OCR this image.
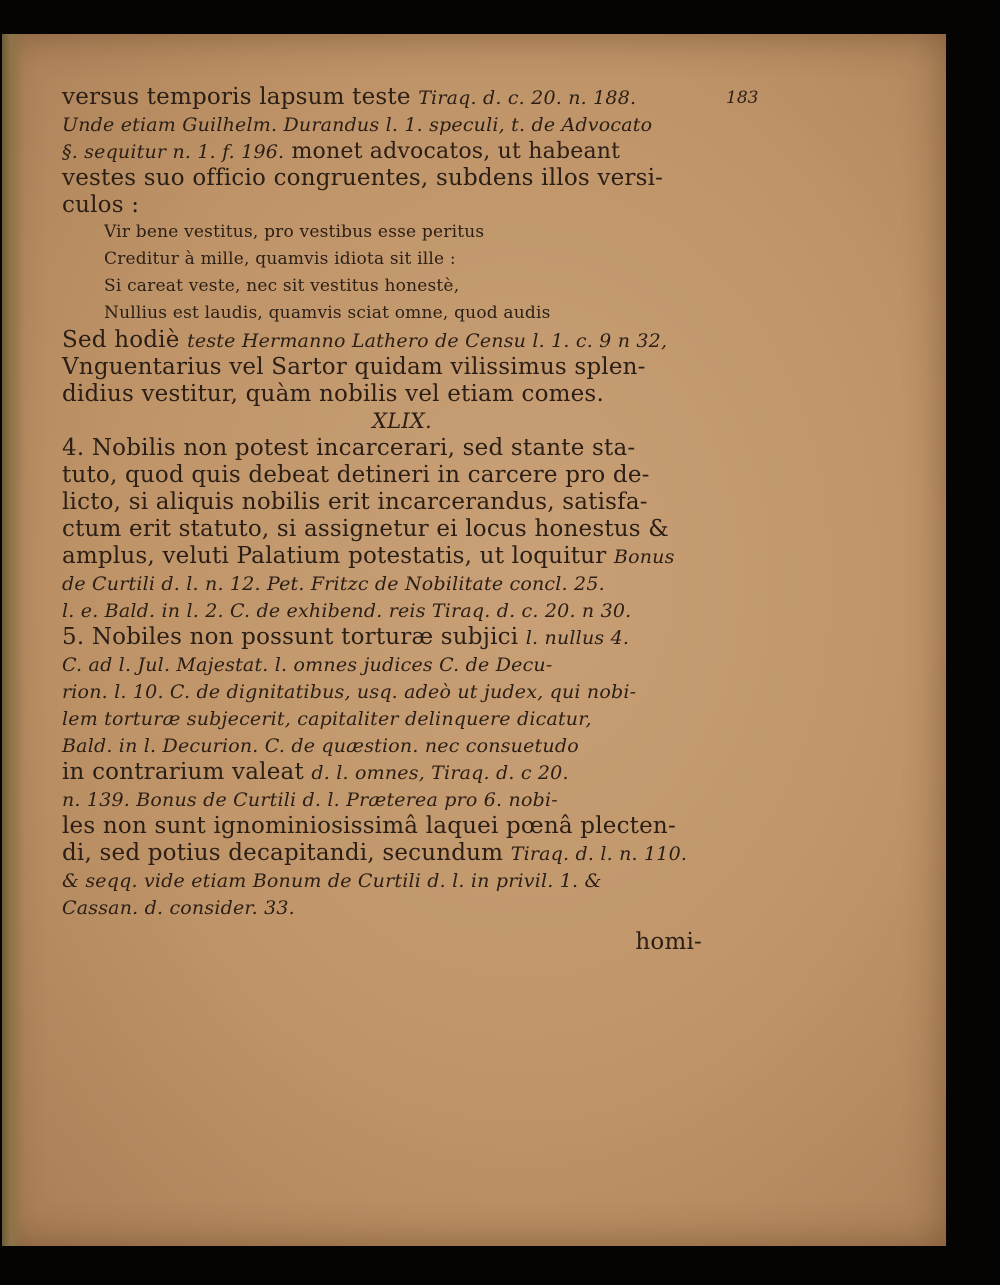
183
versus temporis lapsum teste Tiraq. d. c. 20. n. 188.
Unde etiam Guilhelm. Durandus l. 1. speculi, t. de Advocato
§. sequitur n. 1. f. 196. monet advocatos, ut habeant
vestes suo officio congruentes, subdens illos versi-
culos :
Vir bene vestitus, pro vestibus esse peritus
Creditur à mille, quamvis idiota sit ille :
Si careat veste, nec sit vestitus honestè,
Nullius est laudis, quamvis sciat omne, quod audis
Sed hodiè teste Hermanno Lathero de Censu l. 1. c. 9 n 32,
Vnguentarius vel Sartor quidam vilissimus splen-
didius vestitur, quàm nobilis vel etiam comes.
XLIX.
4. Nobilis non potest incarcerari, sed stante sta-
tuto, quod quis debeat detineri in carcere pro de-
licto, si aliquis nobilis erit incarcerandus, satisfa-
ctum erit statuto, si assignetur ei locus honestus &
amplus, veluti Palatium potestatis, ut loquitur Bonus
de Curtili d. l. n. 12. Pet. Fritzc de Nobilitate concl. 25.
l. e. Bald. in l. 2. C. de exhibend. reis Tiraq. d. c. 20. n 30.
5. Nobiles non possunt torturæ subjici l. nullus 4.
C. ad l. Jul. Majestat. l. omnes judices C. de Decu-
rion. l. 10. C. de dignitatibus, usq. adeò ut judex, qui nobi-
lem torturæ subjecerit, capitaliter delinquere dicatur,
Bald. in l. Decurion. C. de quæstion. nec consuetudo
in contrarium valeat d. l. omnes, Tiraq. d. c 20.
n. 139. Bonus de Curtili d. l. Præterea pro 6. nobi-
les non sunt ignominiosissimâ laquei pœnâ plecten-
di, sed potius decapitandi, secundum Tiraq. d. l. n. 110.
& seqq. vide etiam Bonum de Curtili d. l. in privil. 1. &
Cassan. d. consider. 33.
homi-
